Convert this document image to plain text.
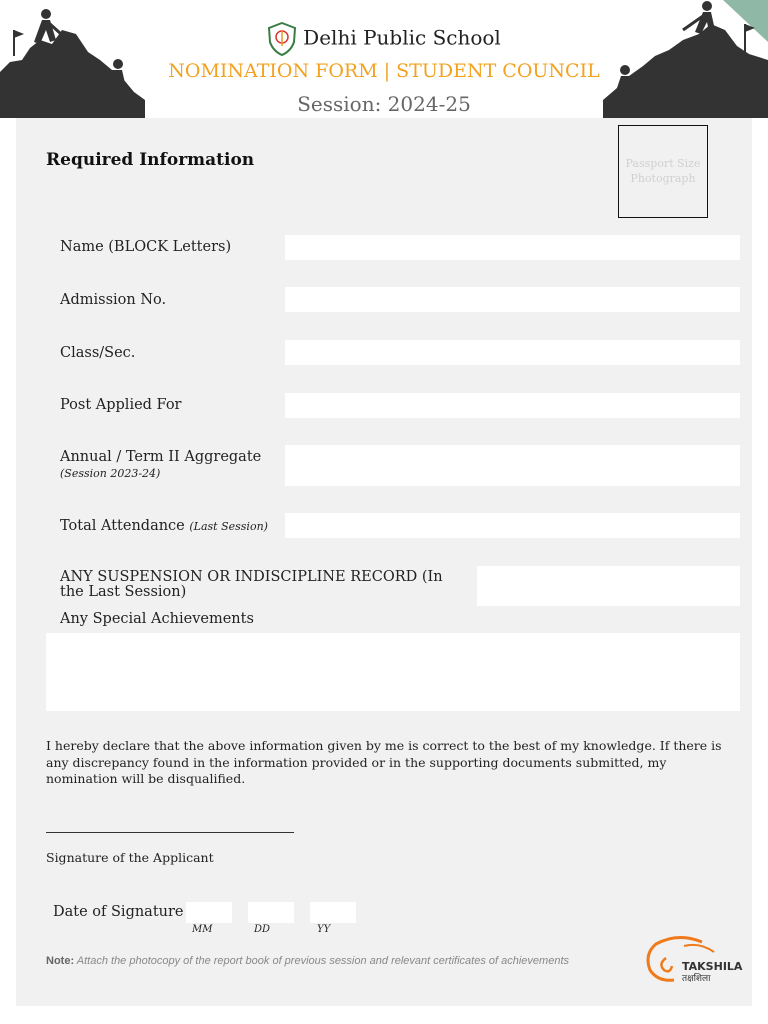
Delhi Public School
NOMINATION FORM | STUDENT COUNCIL
Session: 2024-25
Required Information	Passport Size Photograph
Name (BLOCK Letters)
Admission No.
Class/Sec.
Post Applied For
Annual / Term II Aggregate
(Session 2023-24)
Total Attendance (Last Session)
ANY SUSPENSION OR INDISCIPLINE RECORD (In the Last Session)
Any Special Achievements
I hereby declare that the above information given by me is correct to the best of my knowledge. If there is any discrepancy found in the information provided or in the supporting documents submitted, my nomination will be disqualified.
Signature of the Applicant
Date of Signature
MM	DD	YY
Note: Attach the photocopy of the report book of previous session and relevant certificates of achievements	TAKSHILA
तक्षशिला
